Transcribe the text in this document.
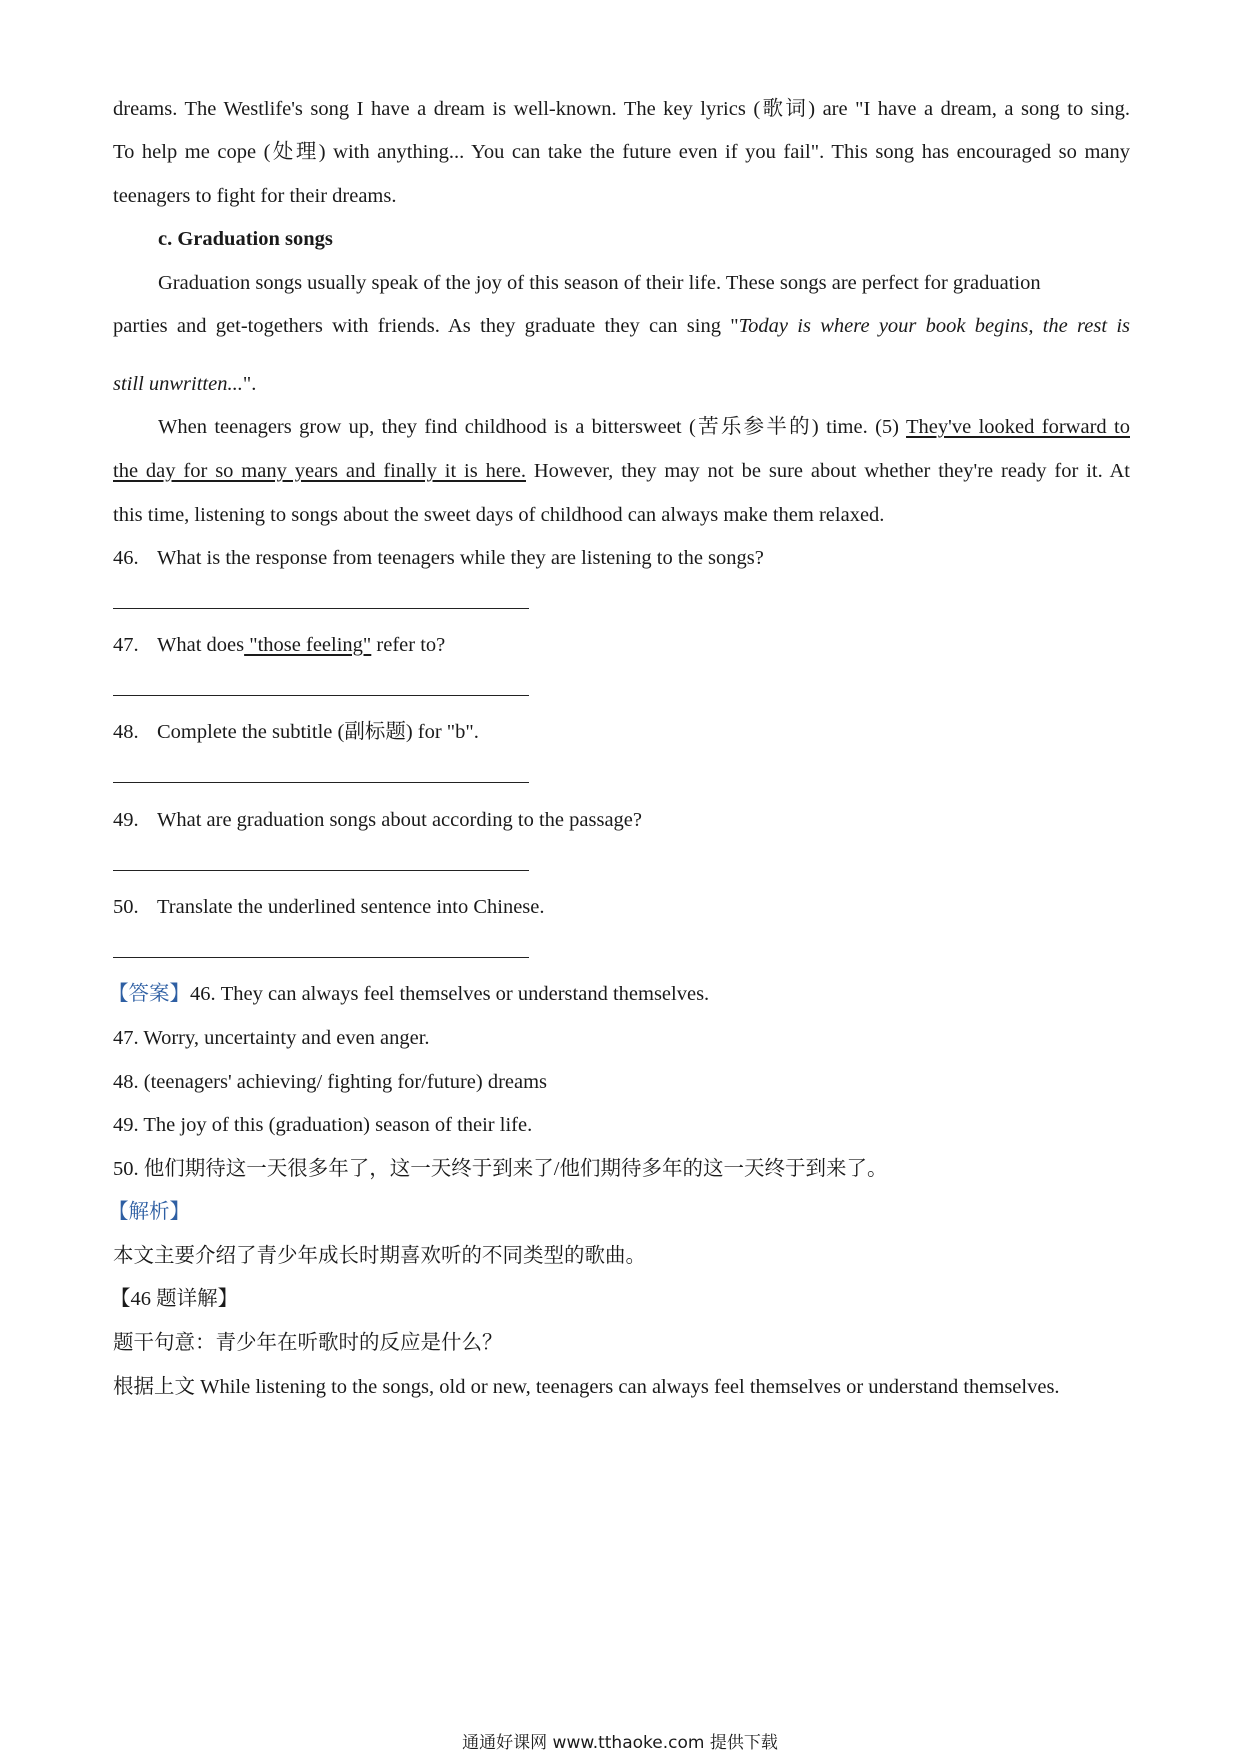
dreams. The Westlife's song I have a dream is well-known. The key lyrics (歌词) are "I have a dream, a song to sing.
To help me cope (处理) with anything... You can take the future even if you fail". This song has encouraged so many
teenagers to fight for their dreams.
c. Graduation songs
Graduation songs usually speak of the joy of this season of their life. These songs are perfect for graduation
parties and get-togethers with friends. As they graduate they can sing "Today is where your book begins, the rest is
still unwritten...".
When teenagers grow up, they find childhood is a bittersweet (苦乐参半的) time. (5) They've looked forward to
the day for so many years and finally it is here. However, they may not be sure about whether they're ready for it. At
this time, listening to songs about the sweet days of childhood can always make them relaxed.
46. What is the response from teenagers while they are listening to the songs?
47. What does "those feeling" refer to?
48. Complete the subtitle (副标题) for "b".
49. What are graduation songs about according to the passage?
50. Translate the underlined sentence into Chinese.
【答案】46. They can always feel themselves or understand themselves.
47. Worry, uncertainty and even anger.
48. (teenagers' achieving/ fighting for/future) dreams
49. The joy of this (graduation) season of their life.
50. 他们期待这一天很多年了，这一天终于到来了/他们期待多年的这一天终于到来了。
【解析】
本文主要介绍了青少年成长时期喜欢听的不同类型的歌曲。
【46 题详解】
题干句意：青少年在听歌时的反应是什么？
根据上文 While listening to the songs, old or new, teenagers can always feel themselves or understand themselves.
通通好课网 www.tthaoke.com 提供下载
